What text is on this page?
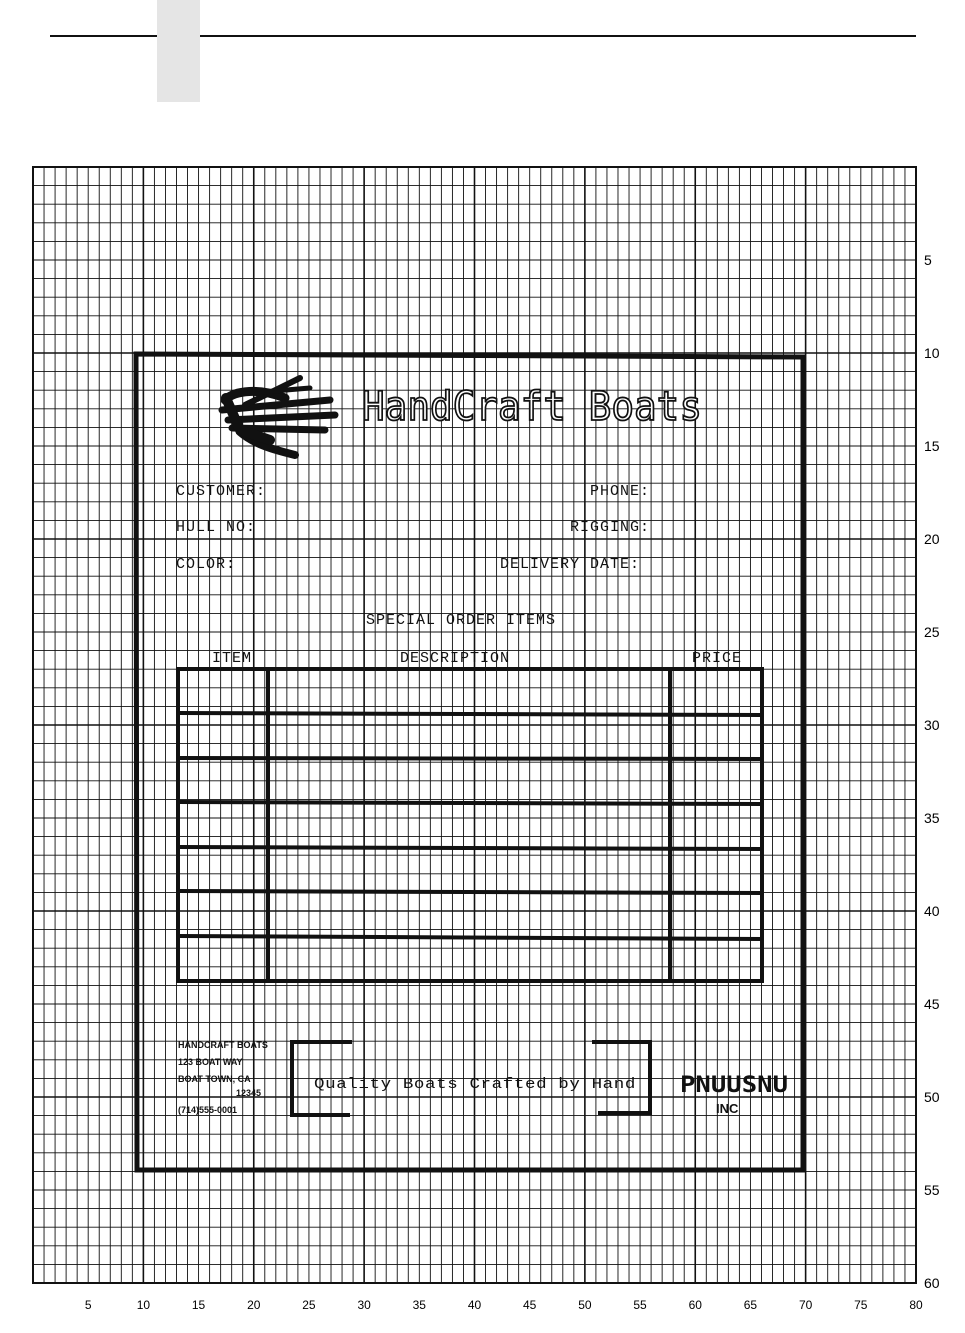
5	10	15	20	25	30	35	40	45	50	55	60	65	70	75	80
5
10
15
20
25
30
35
40
45
50
55
60
HandCraft Boats
CUSTOMER:	PHONE:
HULL NO:	RIGGING:
COLOR:	DELIVERY DATE:
SPECIAL ORDER ITEMS
ITEM	DESCRIPTION	PRICE
HANDCRAFT BOATS
123 BOAT WAY
BOAT TOWN, CA
12345
(714)555-0001
Quality Boats Crafted by Hand PNUUSNU
INC
